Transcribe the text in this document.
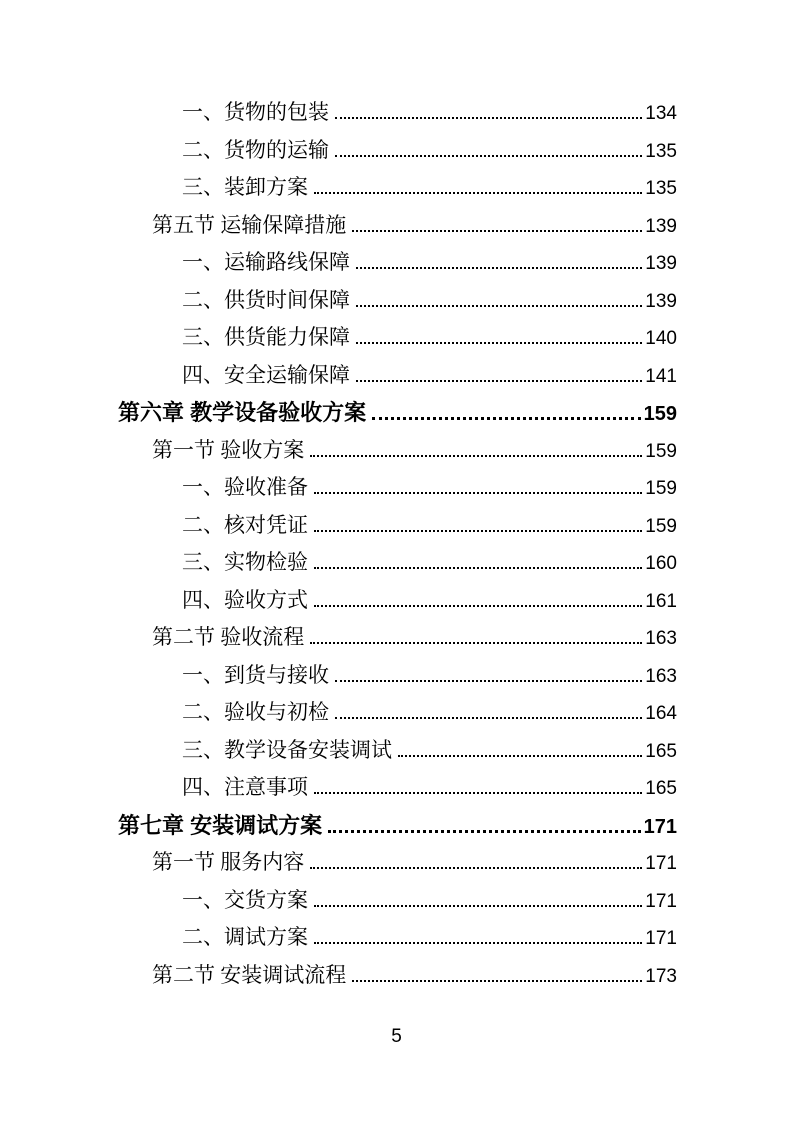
一、货物的包装	134
二、货物的运输	135
三、装卸方案	135
第五节 运输保障措施	139
一、运输路线保障	139
二、供货时间保障	139
三、供货能力保障	140
四、安全运输保障	141
第六章 教学设备验收方案	159
第一节 验收方案	159
一、验收准备	159
二、核对凭证	159
三、实物检验	160
四、验收方式	161
第二节 验收流程	163
一、到货与接收	163
二、验收与初检	164
三、教学设备安装调试	165
四、注意事项	165
第七章 安装调试方案	171
第一节 服务内容	171
一、交货方案	171
二、调试方案	171
第二节 安装调试流程	173
5
